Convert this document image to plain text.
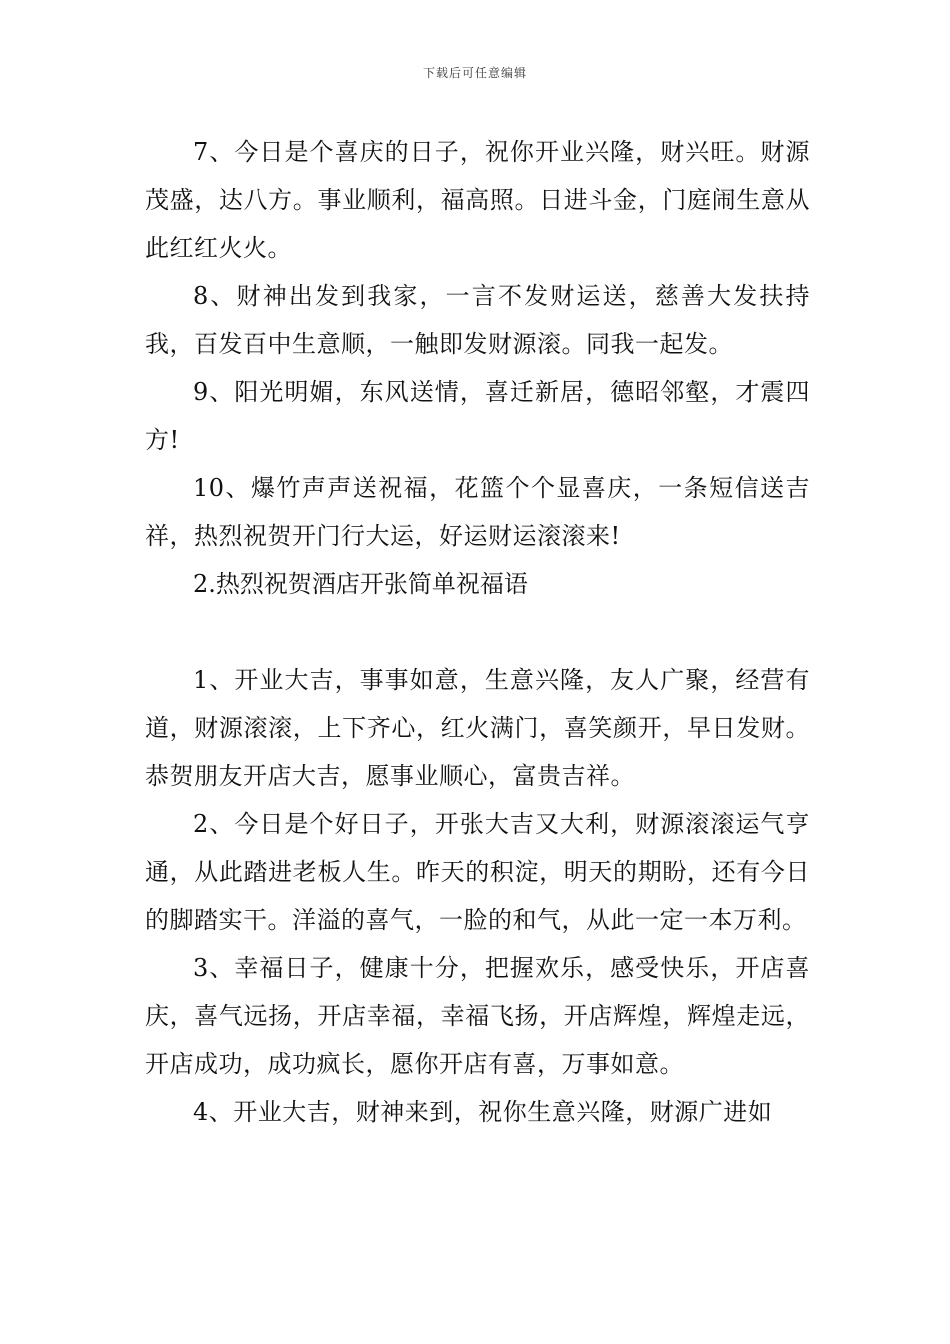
下载后可任意编辑

7、今日是个喜庆的日子，祝你开业兴隆，财兴旺。财源茂盛，达八方。事业顺利，福高照。日进斗金，门庭闹生意从此红红火火。

8、财神出发到我家，一言不发财运送，慈善大发扶持我，百发百中生意顺，一触即发财源滚。同我一起发。

9、阳光明媚，东风送情，喜迁新居，德昭邻壑，才震四方!

10、爆竹声声送祝福，花篮个个显喜庆，一条短信送吉祥，热烈祝贺开门行大运，好运财运滚滚来!

2.热烈祝贺酒店开张简单祝福语

1、开业大吉，事事如意，生意兴隆，友人广聚，经营有道，财源滚滚，上下齐心，红火满门，喜笑颜开，早日发财。恭贺朋友开店大吉，愿事业顺心，富贵吉祥。

2、今日是个好日子，开张大吉又大利，财源滚滚运气亨通，从此踏进老板人生。昨天的积淀，明天的期盼，还有今日的脚踏实干。洋溢的喜气，一脸的和气，从此一定一本万利。

3、幸福日子，健康十分，把握欢乐，感受快乐，开店喜庆，喜气远扬，开店幸福，幸福飞扬，开店辉煌，辉煌走远，开店成功，成功疯长，愿你开店有喜，万事如意。

4、开业大吉，财神来到，祝你生意兴隆，财源广进如
